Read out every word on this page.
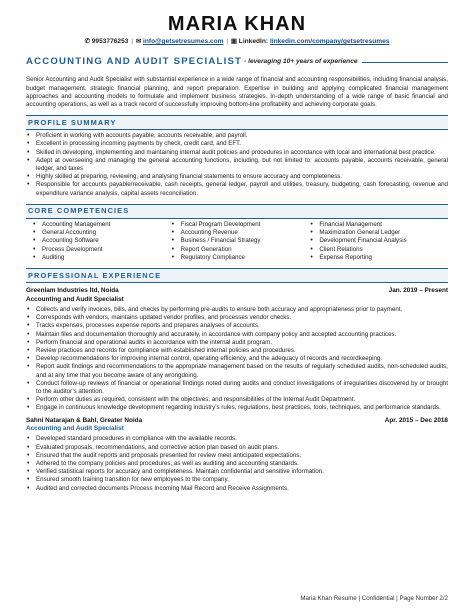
MARIA KHAN
✆ 9953776253 | ✉ info@getsetresumes.com | ▣ LinkedIn: linkedin.com/company/getsetresumes
ACCOUNTING AND AUDIT SPECIALIST - leveraging 10+ years of experience

Senior Accounting and Audit Specialist with substantial experience in a wide range of financial and accounting responsibilities, including financial analysis, budget management, strategic financial planning, and report preparation. Expertise in building and applying complicated financial management approaches and accounting models to formulate and implement business strategies. In-depth understanding of a wide range of basic financial and accounting operations, as well as a track record of successfully improving bottom-line profitability and achieving corporate goals.

PROFILE SUMMARY
• Proficient in working with accounts payable, accounts receivable, and payroll.
• Excellent in processing incoming payments by check, credit card, and EFT.
• Skilled in developing, implementing and maintaining internal audit policies and procedures in accordance with local and international best practice.
• Adept at overseeing and managing the general accounting functions, including, but not limited to: accounts payable, accounts receivable, general ledger, and taxes
• Highly skilled at preparing, reviewing, and analysing financial statements to ensure accuracy and completeness.
• Responsible for accounts payable/receivable, cash receipts, general ledger, payroll and utilities, treasury, budgeting, cash forecasting, revenue and expenditure variance analysis, capital assets reconciliation.
CORE COMPETENCIES
• Accounting Management
• General Accounting
• Accounting Software
• Process Development
• Auditing
• Fiscal Program Development
• Accounting Revenue
• Business / Financial Strategy
• Report Generation
• Regulatory Compliance
• Financial Management
• Maximization General Ledger
• Development Financial Analysis
• Client Relations
• Expense Reporting
PROFESSIONAL EXPERIENCE
Greenlam Industries ltd, Noida	Jan. 2019 – Present
Accounting and Audit Specialist
• Collects and verify invoices, bills, and checks by performing pre-audits to ensure both accuracy and appropriateness prior to payment.
• Corresponds with vendors, maintains updated vendor profiles, and processes vendor checks.
• Tracks expenses, processes expense reports and prepares analyses of accounts.
• Maintain files and documentation thoroughly and accurately, in accordance with company policy and accepted accounting practices.
• Perform financial and operational audits in accordance with the internal audit program.
• Review practices and records for compliance with established internal policies and procedures.
• Develop recommendations for improving internal control, operating efficiency, and the adequacy of records and recordkeeping.
• Report audit findings and recommendations to the appropriate management based on the results of regularly scheduled audits, non-scheduled audits, and at any time that you become aware of any wrongdoing.
• Conduct follow-up reviews of financial or operational findings noted during audits and conduct investigations of irregularities discovered by or brought to the auditor’s attention.
• Perform other duties as required, consistent with the objectives, and responsibilities of the Internal Audit Department.
• Engage in continuous knowledge development regarding industry’s rules, regulations, best practices, tools, techniques, and performance standards.
Sahni Natarajan & Bahl, Greater Noida	Apr. 2015 – Dec 2018
Accounting and Audit Specialist
• Developed standard procedures in compliance with the available records.
• Evaluated proposals, recommendations, and corrective action plan based on audit plans.
• Ensured that the audit reports and proposals presented for review meet anticipated expectations.
• Adhered to the company policies and procedures, as well as auditing and accounting standards.
• Verified statistical reports for accuracy and completeness. Maintain confidential and sensitive information.
• Ensured smooth training transition for new employees to the company.
• Audited and corrected documents Process Incoming Mail Record and Receive Assignments.
Maria Khan Resume | Confidential | Page Number 2/2
